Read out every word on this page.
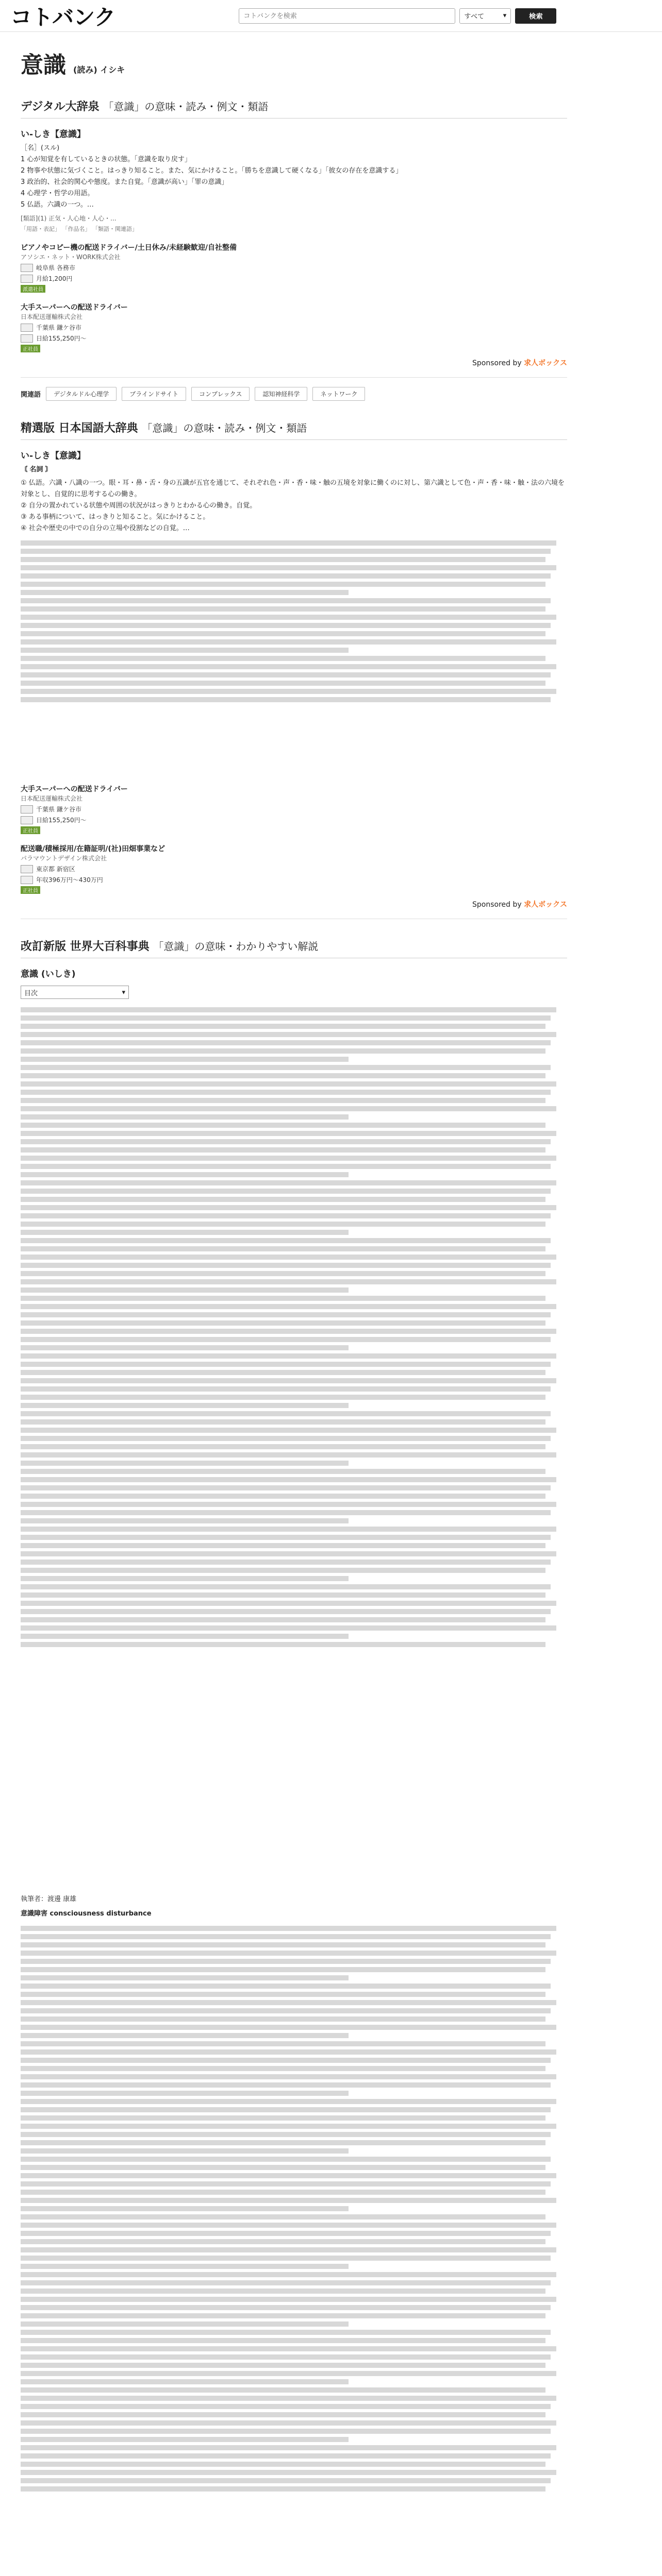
コトバンク
コトバンクを検索	すべて	▾	検索
意識 (読み) イシキ
デジタル大辞泉 「意識」の意味・読み・例文・類語
い‐しき【意識】
［名］(スル)
1 心が知覚を有しているときの状態。「意識を取り戻す」
2 物事や状態に気づくこと。はっきり知ること。また、気にかけること。「勝ちを意識して硬くなる」「彼女の存在を意識する」
3 政治的、社会的関心や態度。また自覚。「意識が高い」「罪の意識」
4 心理学・哲学の用語。
5 仏語。六識の一つ。…
[類語](1) 正気・人心地・人心・...
「用語・表記」 「作品名」 「類語・関連語」
ピアノやコピー機の配送ドライバー/土日休み/未経験歓迎/自社整備
アソシエ・ネット・WORK株式会社
岐阜県 各務市
月給1,200円
派遣社員
大手スーパーへの配送ドライバー
日本配送運輸株式会社
千葉県 鎌ケ谷市
日給155,250円〜
正社員
Sponsored by 求人ボックス
関連語	デジタルドル心理学	ブラインドサイト	コンプレックス	認知神経科学	ネットワーク
精選版 日本国語大辞典 「意識」の意味・読み・例文・類語
い‐しき【意識】
〘 名詞 〙
① 仏語。六識・八識の一つ。眼・耳・鼻・舌・身の五識が五官を通じて、それぞれ色・声・香・味・触の五境を対象に働くのに対し、第六識として色・声・香・味・触・法の六境を対象とし、自覚的に思考する心の働き。
② 自分の置かれている状態や周囲の状況がはっきりとわかる心の働き。自覚。
③ ある事柄について、はっきりと知ること。気にかけること。
④ 社会や歴史の中での自分の立場や役割などの自覚。…
大手スーパーへの配送ドライバー
日本配送運輸株式会社
千葉県 鎌ケ谷市
日給155,250円〜
正社員
配送職/積極採用/在籍証明/(社)田畑事業など
パラマウントデザイン株式会社
東京都 新宿区
年収396万円〜430万円
正社員
Sponsored by 求人ボックス
改訂新版 世界大百科事典 「意識」の意味・わかりやすい解説
意識 (いしき)
目次	▾
執筆者：渡邊 康雄
意識障害 consciousness disturbance
